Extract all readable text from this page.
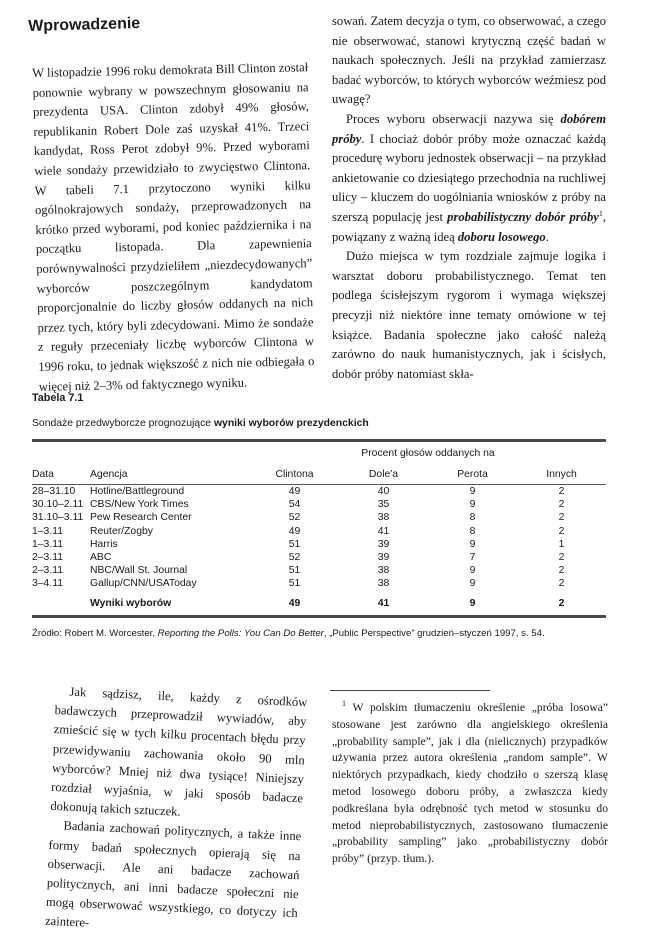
Wprowadzenie

W listopadzie 1996 roku demokrata Bill Clinton został ponownie wybrany w powszechnym głosowaniu na prezydenta USA. Clinton zdobył 49% głosów, republikanin Robert Dole zaś uzyskał 41%. Trzeci kandydat, Ross Perot zdobył 9%. Przed wyborami wiele sondaży przewidziało to zwycięstwo Clintona. W tabeli 7.1 przytoczono wyniki kilku ogólnokrajowych sondaży, przeprowadzonych na krótko przed wyborami, pod koniec października i na początku listopada. Dla zapewnienia porównywalności przydzieliłem „niezdecydowanych” wyborców poszczególnym kandydatom proporcjonalnie do liczby głosów oddanych na nich przez tych, który byli zdecydowani. Mimo że sondaże z reguły przeceniały liczbę wyborców Clintona w 1996 roku, to jednak większość z nich nie odbiegała o więcej niż 2–3% od faktycznego wyniku.

sowań. Zatem decyzja o tym, co obserwować, a czego nie obserwować, stanowi krytyczną część badań w naukach społecznych. Jeśli na przykład zamierzasz badać wyborców, to których wyborców weźmiesz pod uwagę?

Proces wyboru obserwacji nazywa się dobórem próby. I chociaż dobór próby może oznaczać każdą procedurę wyboru jednostek obserwacji – na przykład ankietowanie co dziesiątego przechodnia na ruchliwej ulicy – kluczem do uogólniania wniosków z próby na szerszą populację jest probabilistyczny dobór próby$^1$, powiązany z ważną ideą doboru losowego.

Dużo miejsca w tym rozdziale zajmuje logika i warsztat doboru probabilistycznego. Temat ten podlega ścisłejszym rygorom i wymaga większej precyzji niż niektóre inne tematy omówione w tej książce. Badania społeczne jako całość należą zarówno do nauk humanistycznych, jak i ścisłych, dobór próby natomiast skła-

Tabela 7.1
Sondaże przedwyborcze prognozujące wyniki wyborów prezydenckich
		Procent głosów oddanych na			
Data	Agencja	Clintona	Dole'a	Perota	Innych

28–31.10	Hotline/Battleground	49	40	9	2
30.10–2.11	CBS/New York Times	54	35	9	2
31.10–3.11	Pew Research Center	52	38	8	2
1–3.11	Reuter/Zogby	49	41	8	2
1–3.11	Harris	51	39	9	1
2–3.11	ABC	52	39	7	2
2–3.11	NBC/Wall St. Journal	51	38	9	2
3–4.11	Gallup/CNN/USAToday	51	38	9	2
	Wyniki wyborów	49	41	9	2
Źródło: Robert M. Worcester, Reporting the Polls: You Can Do Better, „Public Perspective” grudzień–styczeń 1997, s. 54.

Jak sądzisz, ile, każdy z ośrodków badawczych przeprowadził wywiadów, aby zmieścić się w tych kilku procentach błędu przy przewidywaniu zachowania około 90 mln wyborców? Mniej niż dwa tysiące! Niniejszy rozdział wyjaśnia, w jaki sposób badacze dokonują takich sztuczek.

Badania zachowań politycznych, a także inne formy badań społecznych opierają się na obserwacji. Ale ani badacze zachowań politycznych, ani inni badacze społeczni nie mogą obserwować wszystkiego, co dotyczy ich zaintere-

$^1$ W polskim tłumaczeniu określenie „próba losowa” stosowane jest zarówno dla angielskiego określenia „probability sample”, jak i dla (nielicznych) przypadków używania przez autora określenia „random sample”. W niektórych przypadkach, kiedy chodziło o szerszą klasę metod losowego doboru próby, a zwłaszcza kiedy podkreślana była odrębność tych metod w stosunku do metod nieprobabilistycznych, zastosowano tłumaczenie „probability sampling” jako „probabilistyczny dobór próby” (przyp. tłum.).
